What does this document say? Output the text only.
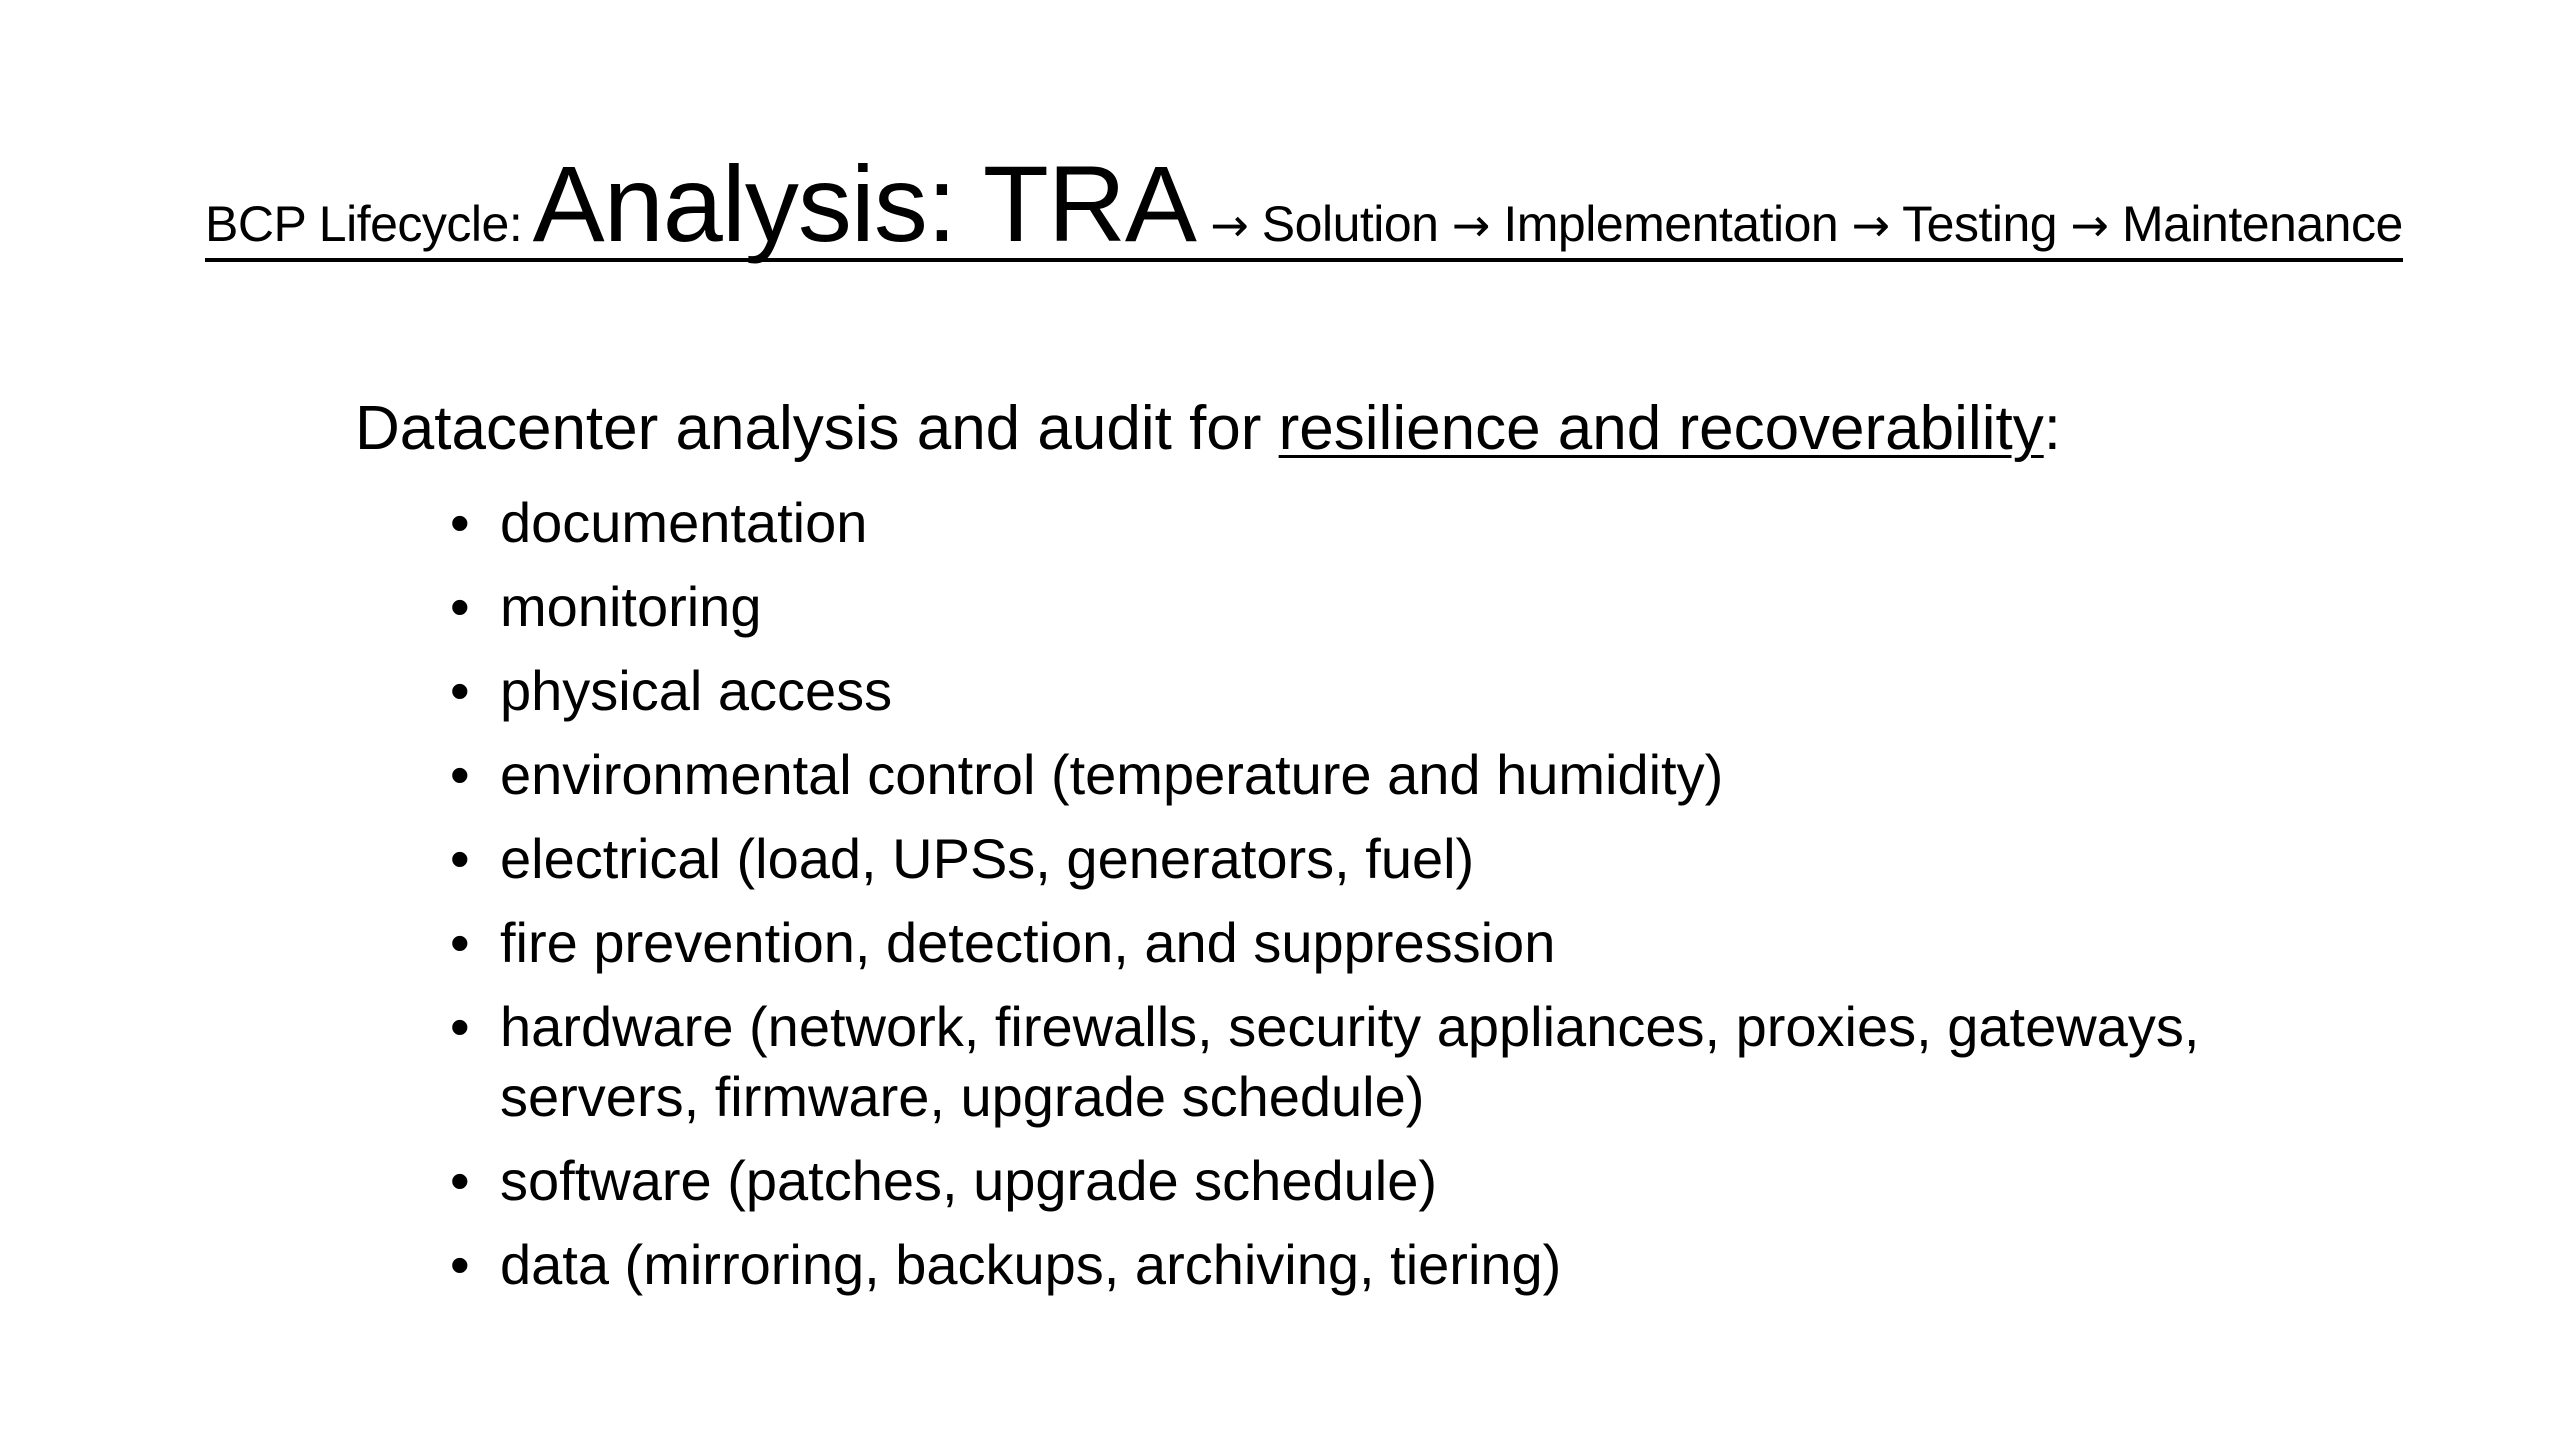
BCP Lifecycle: Analysis: TRA → Solution → Implementation → Testing → Maintenance
Datacenter analysis and audit for resilience and recoverability:
• documentation
• monitoring
• physical access
• environmental control (temperature and humidity)
• electrical (load, UPSs, generators, fuel)
• fire prevention, detection, and suppression
• hardware (network, firewalls, security appliances, proxies, gateways, servers, firmware, upgrade schedule)
• software (patches, upgrade schedule)
• data (mirroring, backups, archiving, tiering)
